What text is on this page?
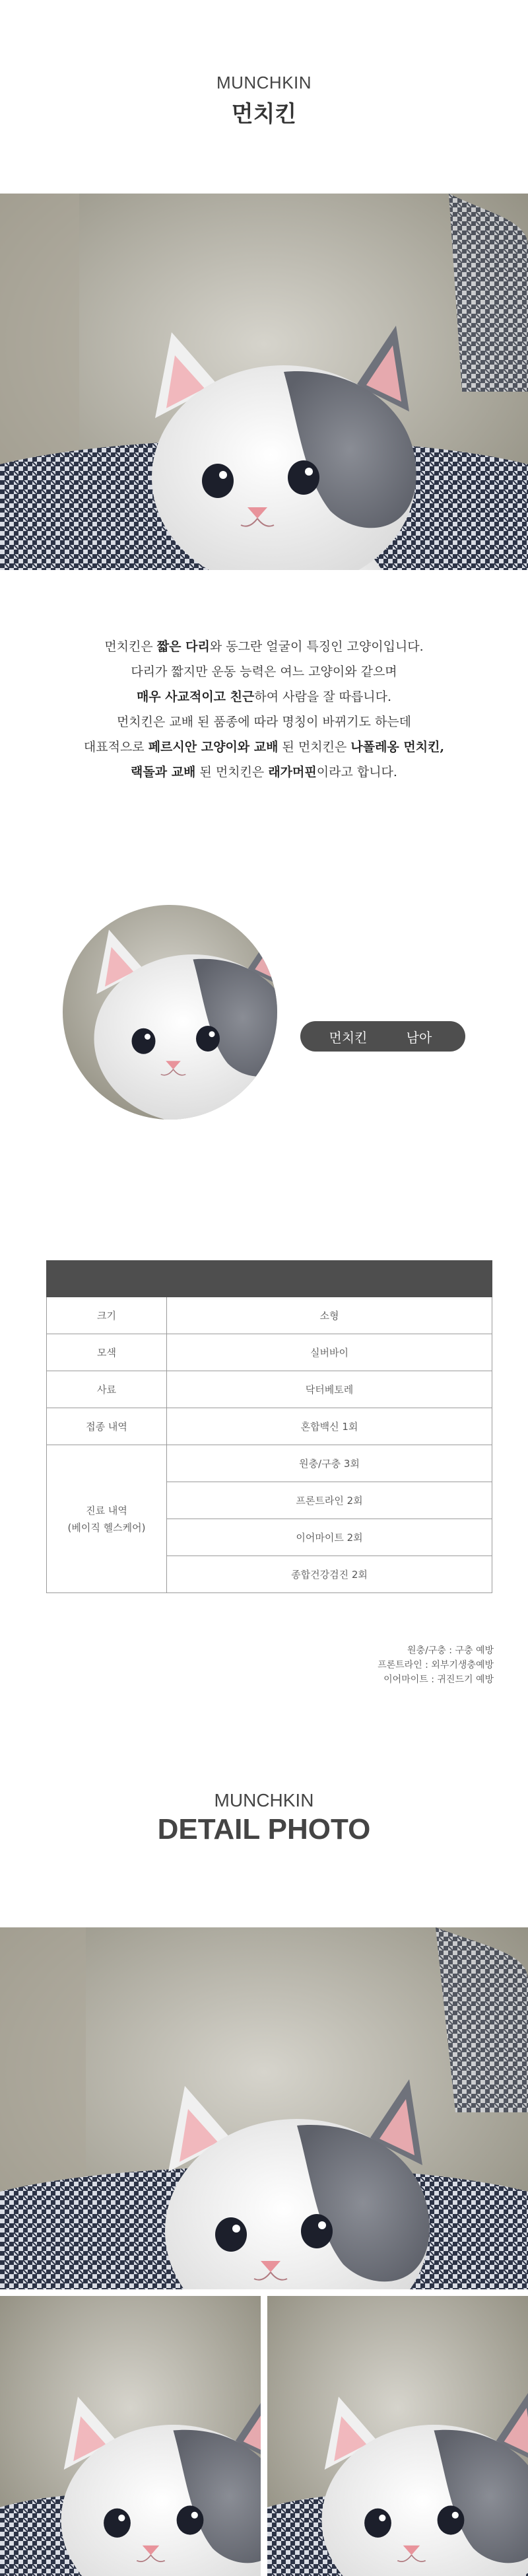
MUNCHKIN
먼치킨
먼치킨은 짧은 다리와 동그란 얼굴이 특징인 고양이입니다.
다리가 짧지만 운동 능력은 여느 고양이와 같으며
매우 사교적이고 친근하여 사람을 잘 따릅니다.
먼치킨은 교배 된 품종에 따라 명칭이 바뀌기도 하는데
대표적으로 페르시안 고양이와 교배 된 먼치킨은 나폴레옹 먼치킨,
랙돌과 교배 된 먼치킨은 래가머핀이라고 합니다.
먼치킨	남아

크기	소형
모색	실버바이
사료	닥터베토레
접종 내역	혼합백신 1회

진료 내역
(베이직 헬스케어)	원충/구충 3회
	프론트라인 2회
	이어마이트 2회
	종합건강검진 2회
원충/구충 : 구충 예방
프론트라인 : 외부기생충예방
이어마이트 : 귀진드기 예방
MUNCHKIN
DETAIL PHOTO
